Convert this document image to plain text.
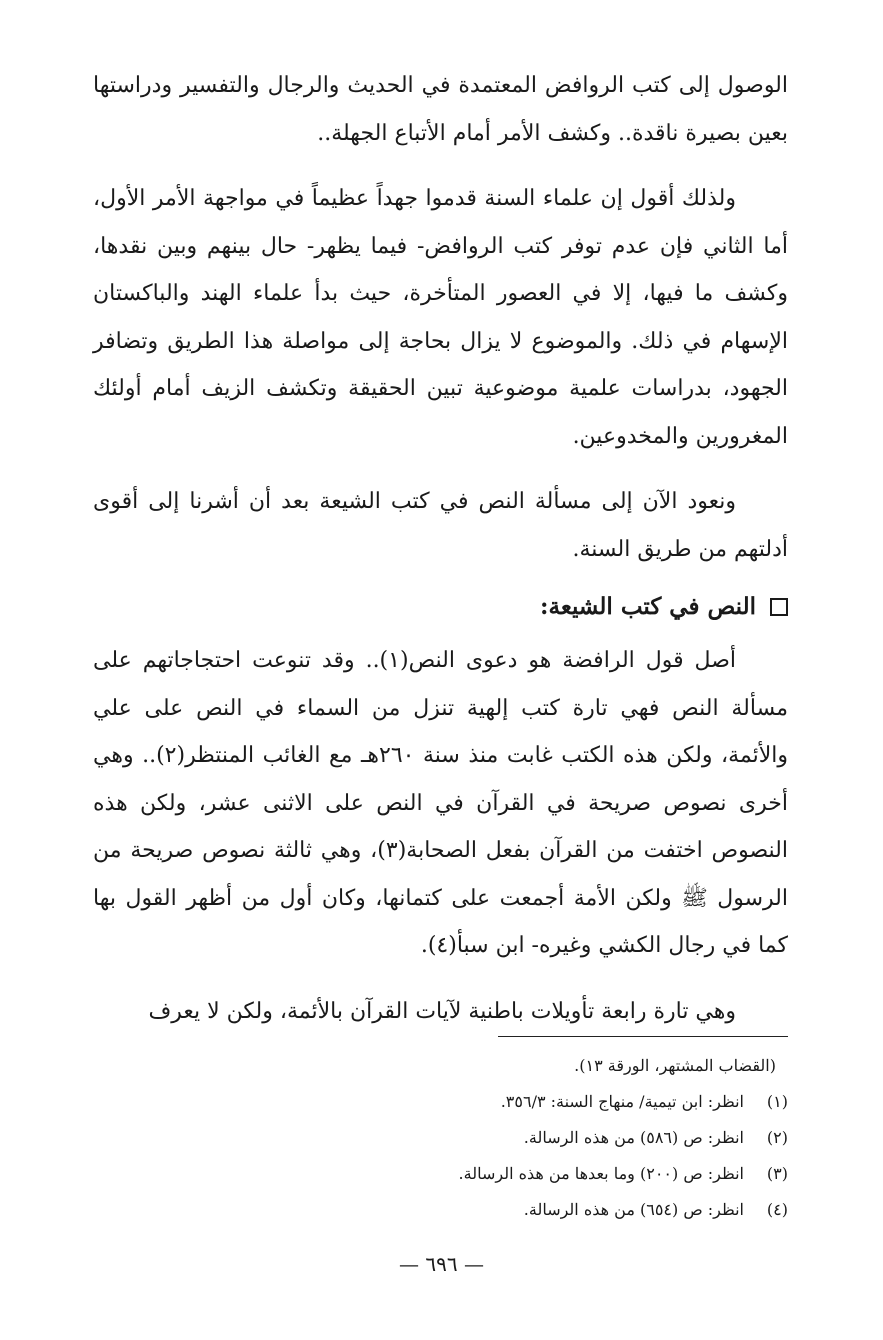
الوصول إلى كتب الروافض المعتمدة في الحديث والرجال والتفسير ودراستها بعين بصيرة ناقدة.. وكشف الأمر أمام الأتباع الجهلة..

ولذلك أقول إن علماء السنة قدموا جهداً عظيماً في مواجهة الأمر الأول، أما الثاني فإن عدم توفر كتب الروافض- فيما يظهر- حال بينهم وبين نقدها، وكشف ما فيها، إلا في العصور المتأخرة، حيث بدأ علماء الهند والباكستان الإسهام في ذلك. والموضوع لا يزال بحاجة إلى مواصلة هذا الطريق وتضافر الجهود، بدراسات علمية موضوعية تبين الحقيقة وتكشف الزيف أمام أولئك المغرورين والمخدوعين.

ونعود الآن إلى مسألة النص في كتب الشيعة بعد أن أشرنا إلى أقوى أدلتهم من طريق السنة.

النص في كتب الشيعة:

أصل قول الرافضة هو دعوى النص(١).. وقد تنوعت احتجاجاتهم على مسألة النص فهي تارة كتب إلهية تنزل من السماء في النص على علي والأئمة، ولكن هذه الكتب غابت منذ سنة ٢٦٠هـ مع الغائب المنتظر(٢).. وهي أخرى نصوص صريحة في القرآن في النص على الاثنى عشر، ولكن هذه النصوص اختفت من القرآن بفعل الصحابة(٣)، وهي ثالثة نصوص صريحة من الرسول ﷺ ولكن الأمة أجمعت على كتمانها، وكان أول من أظهر القول بها كما في رجال الكشي وغيره- ابن سبأ(٤).

وهي تارة رابعة تأويلات باطنية لآيات القرآن بالأئمة، ولكن لا يعرف

(القضاب المشتهر، الورقة ١٣).
(١)
انظر: ابن تيمية/ منهاج السنة: ٣٥٦/٣.
(٢)
انظر: ص (٥٨٦) من هذه الرسالة.
(٣)
انظر: ص (٢٠٠) وما بعدها من هذه الرسالة.
(٤)
انظر: ص (٦٥٤) من هذه الرسالة.
— ٦٩٦ —
